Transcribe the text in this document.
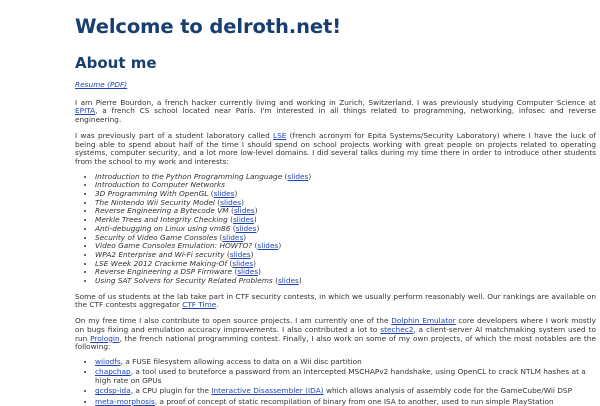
Welcome to delroth.net!
About me

Resume (PDF)

I am Pierre Bourdon, a french hacker currently living and working in Zurich, Switzerland. I was previously studying Computer Science at EPITA, a french CS school located near Paris. I'm interested in all things related to programming, networking, infosec and reverse engineering.

I was previously part of a student laboratory called LSE (french acronym for Epita Systems/Security Laboratory) where I have the luck of being able to spend about half of the time I should spend on school projects working with great people on projects related to operating systems, computer security, and a lot more low-level domains. I did several talks during my time there in order to introduce other students from the school to my work and interests:

• Introduction to the Python Programming Language (slides)
• Introduction to Computer Networks
• 3D Programming With OpenGL (slides)
• The Nintendo Wii Security Model (slides)
• Reverse Engineering a Bytecode VM (slides)
• Merkle Trees and Integrity Checking (slides)
• Anti-debugging on Linux using vm86 (slides)
• Security of Video Game Consoles (slides)
• Video Game Consoles Emulation: HOWTO? (slides)
• WPA2 Enterprise and Wi-Fi security (slides)
• LSE Week 2012 Crackme Making-Of (slides)
• Reverse Engineering a DSP Firmware (slides)
• Using SAT Solvers for Security Related Problems (slides)

Some of us students at the lab take part in CTF security contests, in which we usually perform reasonably well. Our rankings are available on the CTF contests aggregator CTF Time.

On my free time I also contribute to open source projects. I am currently one of the Dolphin Emulator core developers where I work mostly on bugs fixing and emulation accuracy improvements. I also contributed a lot to stechec2, a client-server AI matchmaking system used to run Prologin, the french national programming contest. Finally, I also work on some of my own projects, of which the most notables are the following:

• wiiodfs, a FUSE filesystem allowing access to data on a Wii disc partition
• chapchap, a tool used to bruteforce a password from an intercepted MSCHAPv2 handshake, using OpenCL to crack NTLM hashes at a high rate on GPUs
• gcdsp-ida, a CPU plugin for the Interactive Disassembler (IDA) which allows analysis of assembly code for the GameCube/Wii DSP
• meta-morphosis, a proof of concept of static recompilation of binary from one ISA to another, used to run simple PlayStation
